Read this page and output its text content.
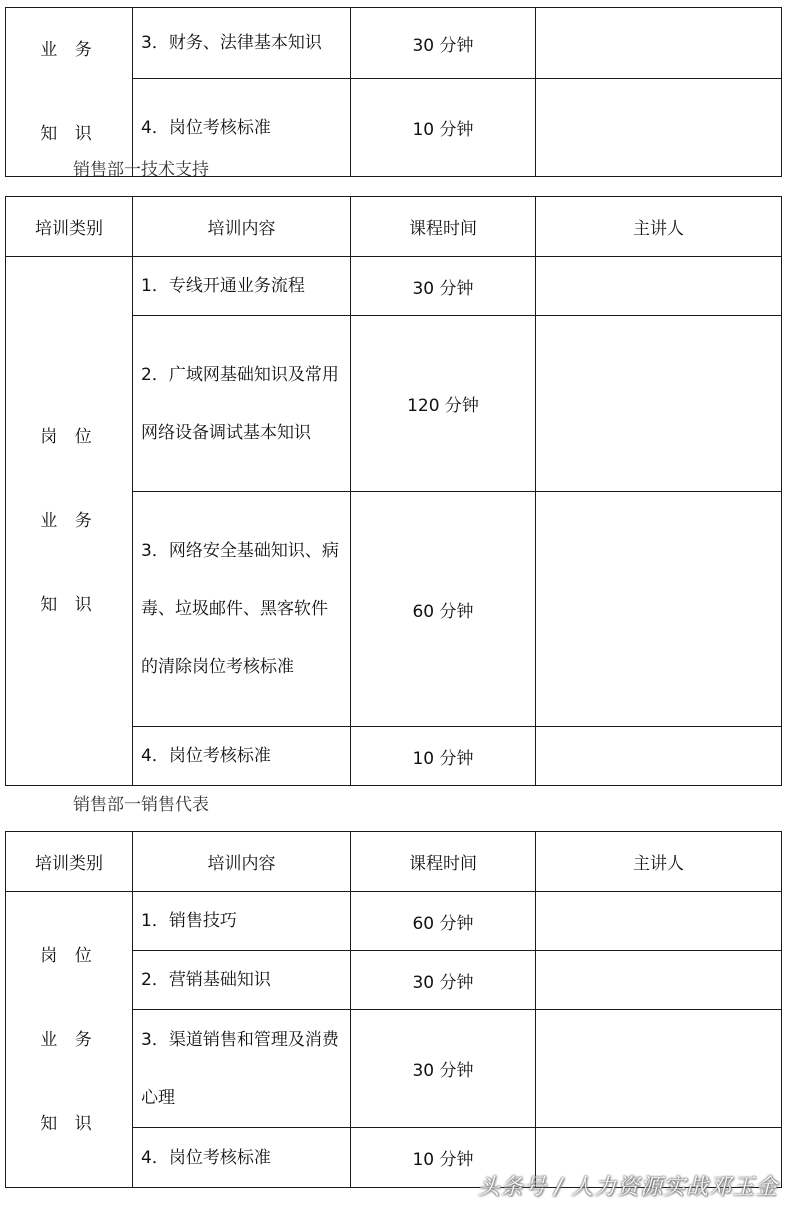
业 务
知 识	3．财务、法律基本知识	30 分钟	
	4．岗位考核标准	10 分钟	
销售部一技术支持
培训类别	培训内容	课程时间	主讲人

岗 位
业 务
知 识	1．专线开通业务流程	30 分钟	
	2．广域网基础知识及常用网络设备调试基本知识	120 分钟	
	3．网络安全基础知识、病毒、垃圾邮件、黑客软件的清除岗位考核标准	60 分钟	
	4．岗位考核标准	10 分钟	
销售部一销售代表
培训类别	培训内容	课程时间	主讲人

岗 位
业 务
知 识	1．销售技巧	60 分钟	
	2．营销基础知识	30 分钟	
	3．渠道销售和管理及消费心理	30 分钟	
	4．岗位考核标准	10 分钟	
头条号 / 人力资源实战邓玉金
